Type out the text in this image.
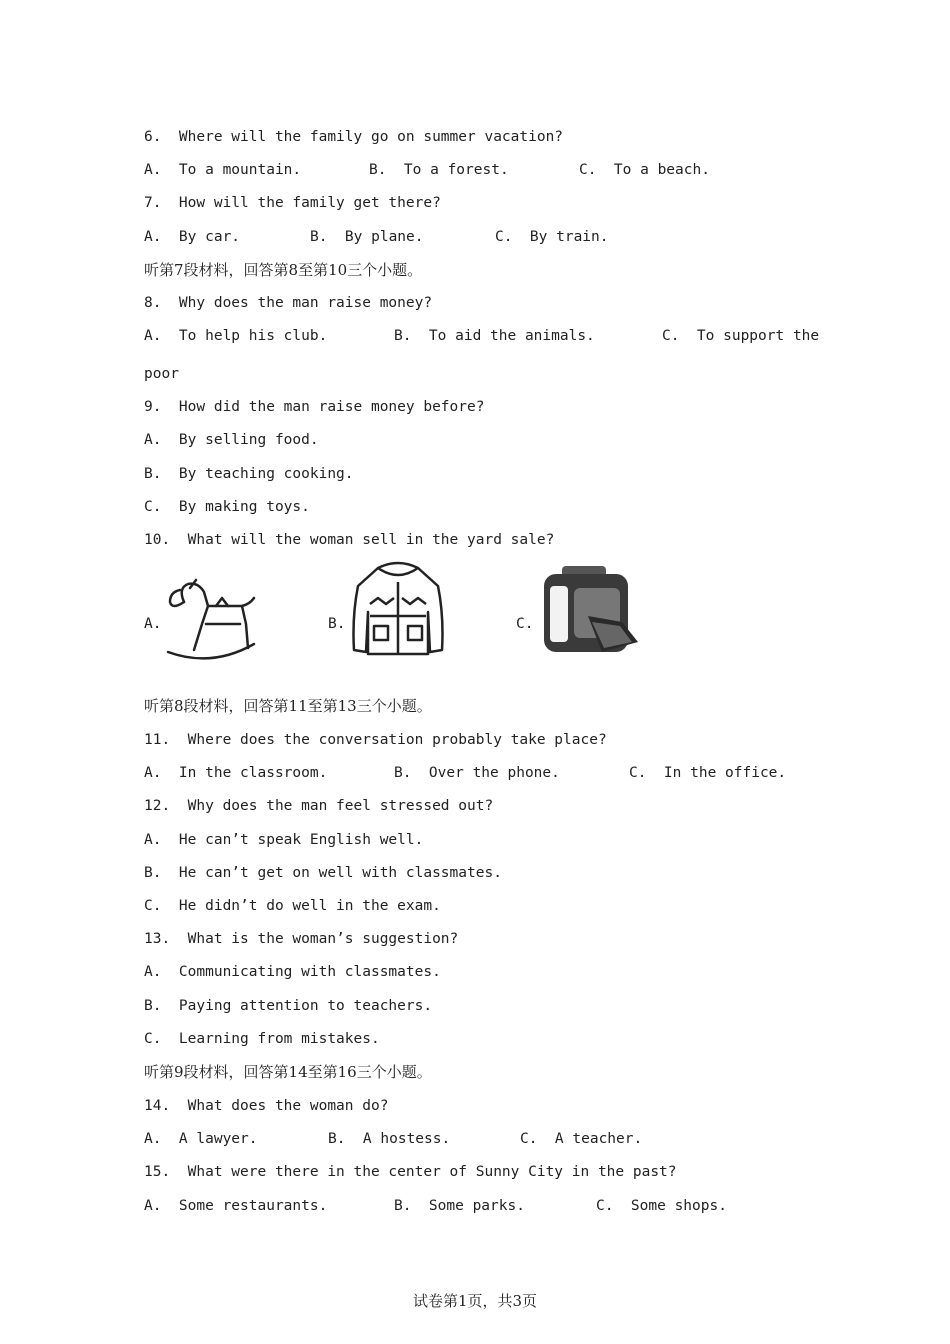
6.  Where will the family go on summer vacation?
A.  To a mountain.	B.  To a forest.	C.  To a beach.
7.  How will the family get there?
A.  By car.	B.  By plane.	C.  By train.
听第7段材料，回答第8至第10三个小题。
8.  Why does the man raise money?
A.  To help his club.	B.  To aid the animals.	C.  To support the
poor
9.  How did the man raise money before?
A.  By selling food.
B.  By teaching cooking.
C.  By making toys.
10.  What will the woman sell in the yard sale?
A.	B.	C.
听第8段材料，回答第11至第13三个小题。
11.  Where does the conversation probably take place?
A.  In the classroom.	B.  Over the phone.	C.  In the office.
12.  Why does the man feel stressed out?
A.  He can’t speak English well.
B.  He can’t get on well with classmates.
C.  He didn’t do well in the exam.
13.  What is the woman’s suggestion?
A.  Communicating with classmates.
B.  Paying attention to teachers.
C.  Learning from mistakes.
听第9段材料，回答第14至第16三个小题。
14.  What does the woman do?
A.  A lawyer.	B.  A hostess.	C.  A teacher.
15.  What were there in the center of Sunny City in the past?
A.  Some restaurants.	B.  Some parks.	C.  Some shops.
试卷第1页，共3页
